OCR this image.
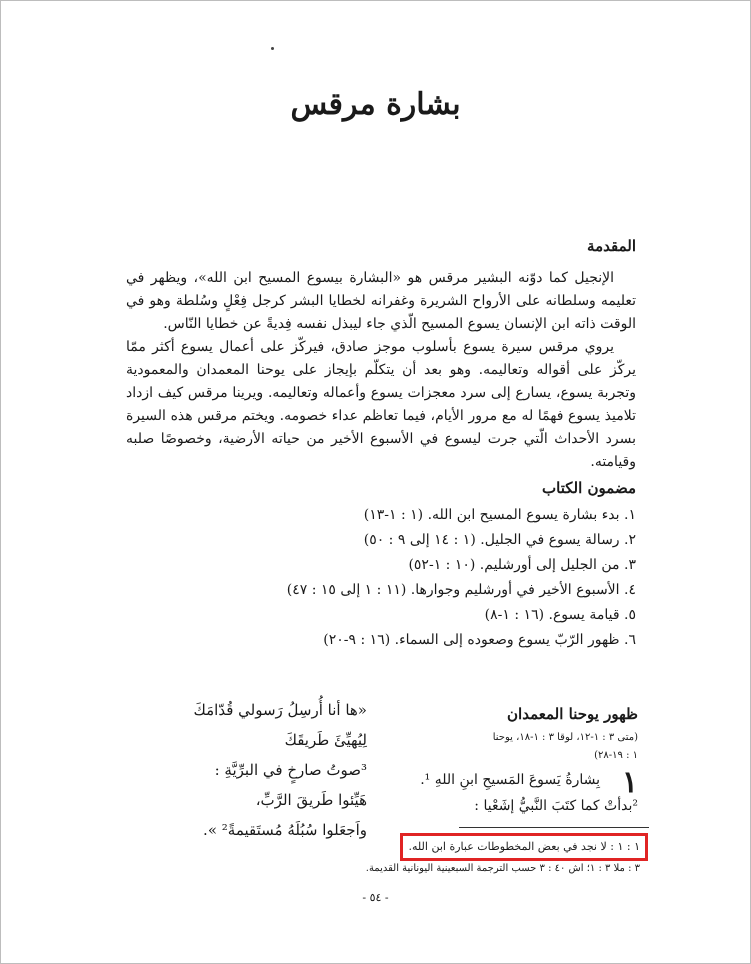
بشارة مرقس
المقدمة

الإنجيل كما دوّنه البشير مرقس هو «البشارة بيسوع المسيح ابن الله»، ويظهر في تعليمه وسلطانه على الأرواح الشريرة وغفرانه لخطايا البشر كرجل فِعْلٍ وسُلطة وهو في الوقت ذاته ابن الإنسان يسوع المسيح الّذي جاء ليبذل نفسه فِديةً عن خطايا النّاس.

يروي مرقس سيرة يسوع بأسلوب موجز صادق، فيركّز على أعمال يسوع أكثر ممّا يركّز على أقواله وتعاليمه. وهو بعد أن يتكلّم بإيجاز على يوحنا المعمدان والمعمودية وتجربة يسوع، يسارع إلى سرد معجزات يسوع وأعماله وتعاليمه. ويرينا مرقس كيف ازداد تلاميذ يسوع فهمًا له مع مرور الأيام، فيما تعاظم عداء خصومه. ويختم مرقس هذه السيرة بسرد الأحداث الّتي جرت ليسوع في الأسبوع الأخير من حياته الأرضية، وخصوصًا صلبه وقيامته.

مضمون الكتاب
١. بدء بشارة يسوع المسيح ابن الله. (١ : ١-١٣)
٢. رسالة يسوع في الجليل. (١ : ١٤ إلى ٩ : ٥٠)
٣. من الجليل إلى أورشليم. (١٠ : ١-٥٢)
٤. الأسبوع الأخير في أورشليم وجوارها. (١١ : ١ إلى ١٥ : ٤٧)
٥. قيامة يسوع. (١٦ : ١-٨)
٦. ظهور الرّبّ يسوع وصعوده إلى السماء. (١٦ : ٩-٢٠)
«ها أنا أُرسِلُ رَسولي قُدّامَكَ
لِيُهيِّئَ طَريقَكَ
³صوتُ صارخٍ في البرِّيَّةِ :
هَيِّئوا طَريقَ الرَّبِّ،
واَجعَلوا سُبُلَهُ مُستَقيمةً² ».
ظهور يوحنا المعمدان
(متى ٣ : ١-١٢، لوقا ٣ : ١-١٨، يوحنا
١ : ١٩-٢٨)
١
بِشارةُ يَسوعَ المَسيحِ ابنِ اللهِ ¹.
²بدأتْ كما كتَبَ النَّبيُّ إشَعْيا :
١ : ١ : لا نجد في بعض المخطوطات عبارة ابن الله.
٣ : ملا ٣ : ١؛ اش ٤٠ : ٣ حسب الترجمة السبعينية اليونانية القديمة.
- ٥٤ -
